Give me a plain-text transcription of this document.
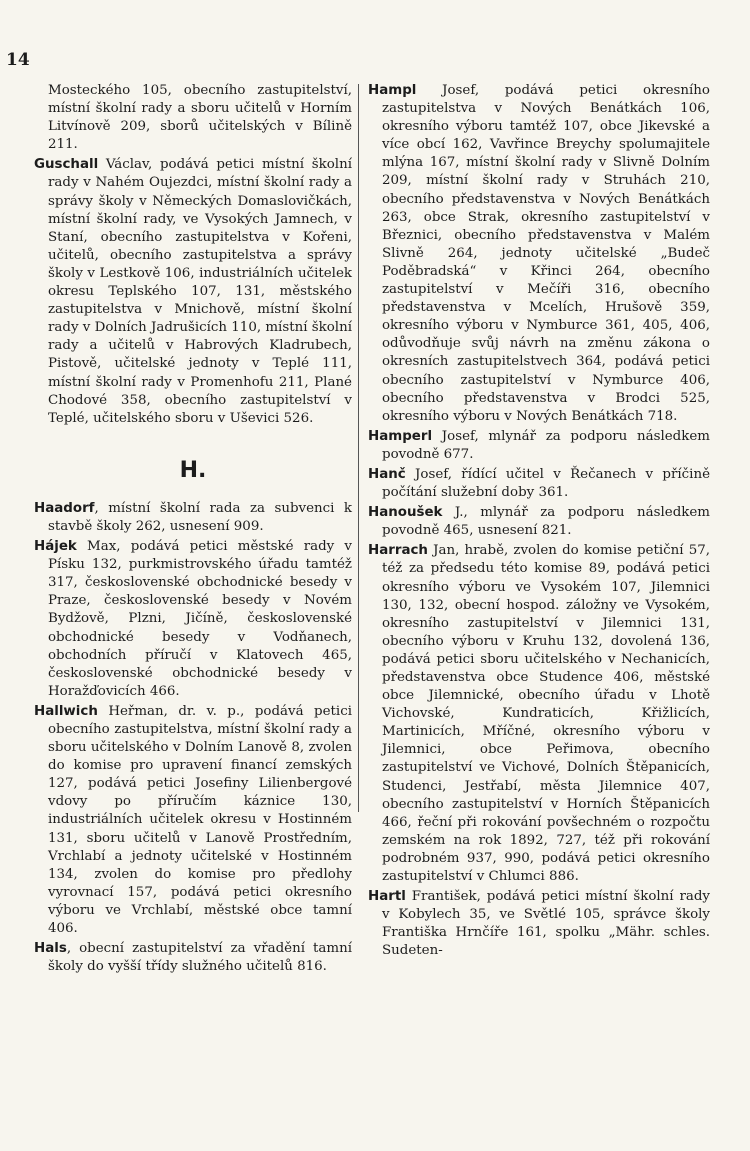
14

Mosteckého 105, obecního zastupitelství, místní školní rady a sboru učitelů v Horním Litvínově 209, sborů učitelských v Bílině 211.

Guschall Václav, podává petici místní školní rady v Nahém Oujezdci, místní školní rady a správy školy v Německých Domaslovičkách, místní školní rady, ve Vysokých Jamnech, v Staní, obecního zastupitelstva v Kořeni, učitelů, obecního zastupitelstva a správy školy v Lestkově 106, industriálních učitelek okresu Teplského 107, 131, městského zastupitelstva v Mnichově, místní školní rady v Dolních Jadrušicích 110, místní školní rady a učitelů v Habrových Kladrubech, Pistově, učitelské jednoty v Teplé 111, místní školní rady v Promenhofu 211, Plané Chodové 358, obecního zastupitelství v Teplé, učitelského sboru v Uševici 526.

H.

Haadorf, místní školní rada za subvenci k stavbě školy 262, usnesení 909.

Hájek Max, podává petici městské rady v Písku 132, purkmistrovského úřadu tamtéž 317, československé obchodnické besedy v Praze, československé besedy v Novém Bydžově, Plzni, Jičíně, československé obchodnické besedy v Vodňanech, obchodních příručí v Klatovech 465, československé obchodnické besedy v Horažďovicích 466.

Hallwich Heřman, dr. v. p., podává petici obecního zastupitelstva, místní školní rady a sboru učitelského v Dolním Lanově 8, zvolen do komise pro upravení financí zemských 127, podává petici Josefiny Lilienbergové vdovy po příručím káznice 130, industriálních učitelek okresu v Hostinném 131, sboru učitelů v Lanově Prostředním, Vrchlabí a jednoty učitelské v Hostinném 134, zvolen do komise pro předlohy vyrovnací 157, podává petici okresního výboru ve Vrchlabí, městské obce tamní 406.

Hals, obecní zastupitelství za vřadění tamní školy do vyšší třídy služného učitelů 816.

Hampl Josef, podává petici okresního zastupitelstva v Nových Benátkách 106, okresního výboru tamtéž 107, obce Jikevské a více obcí 162, Vavřince Breychy spolumajitele mlýna 167, místní školní rady v Slivně Dolním 209, místní školní rady v Struhách 210, obecního představenstva v Nových Benátkách 263, obce Strak, okresního zastupitelství v Březnici, obecního představenstva v Malém Slivně 264, jednoty učitelské „Budeč Poděbradská“ v Křinci 264, obecního zastupitelství v Mečíři 316, obecního představenstva v Mcelích, Hrušově 359, okresního výboru v Nymburce 361, 405, 406, odůvodňuje svůj návrh na změnu zákona o okresních zastupitelstvech 364, podává petici obecního zastupitelství v Nymburce 406, obecního představenstva v Brodci 525, okresního výboru v Nových Benátkách 718.

Hamperl Josef, mlynář za podporu následkem povodně 677.

Hanč Josef, řídící učitel v Řečanech v příčině počítání služební doby 361.

Hanoušek J., mlynář za podporu následkem povodně 465, usnesení 821.

Harrach Jan, hrabě, zvolen do komise petiční 57, též za předsedu této komise 89, podává petici okresního výboru ve Vysokém 107, Jilemnici 130, 132, obecní hospod. záložny ve Vysokém, okresního zastupitelství v Jilemnici 131, obecního výboru v Kruhu 132, dovolená 136, podává petici sboru učitelského v Nechanicích, představenstva obce Studence 406, městské obce Jilemnické, obecního úřadu v Lhotě Vichovské, Kundraticích, Křižlicích, Martinicích, Mříčné, okresního výboru v Jilemnici, obce Peřimova, obecního zastupitelství ve Vichové, Dolních Štěpanicích, Studenci, Jestřabí, města Jilemnice 407, obecního zastupitelství v Horních Štěpanicích 466, řeční při rokování povšechném o rozpočtu zemském na rok 1892, 727, též při rokování podrobném 937, 990, podává petici okresního zastupitelství v Chlumci 886.

Hartl František, podává petici místní školní rady v Kobylech 35, ve Světlé 105, správce školy Františka Hrnčíře 161, spolku „Mähr. schles. Sudeten-
